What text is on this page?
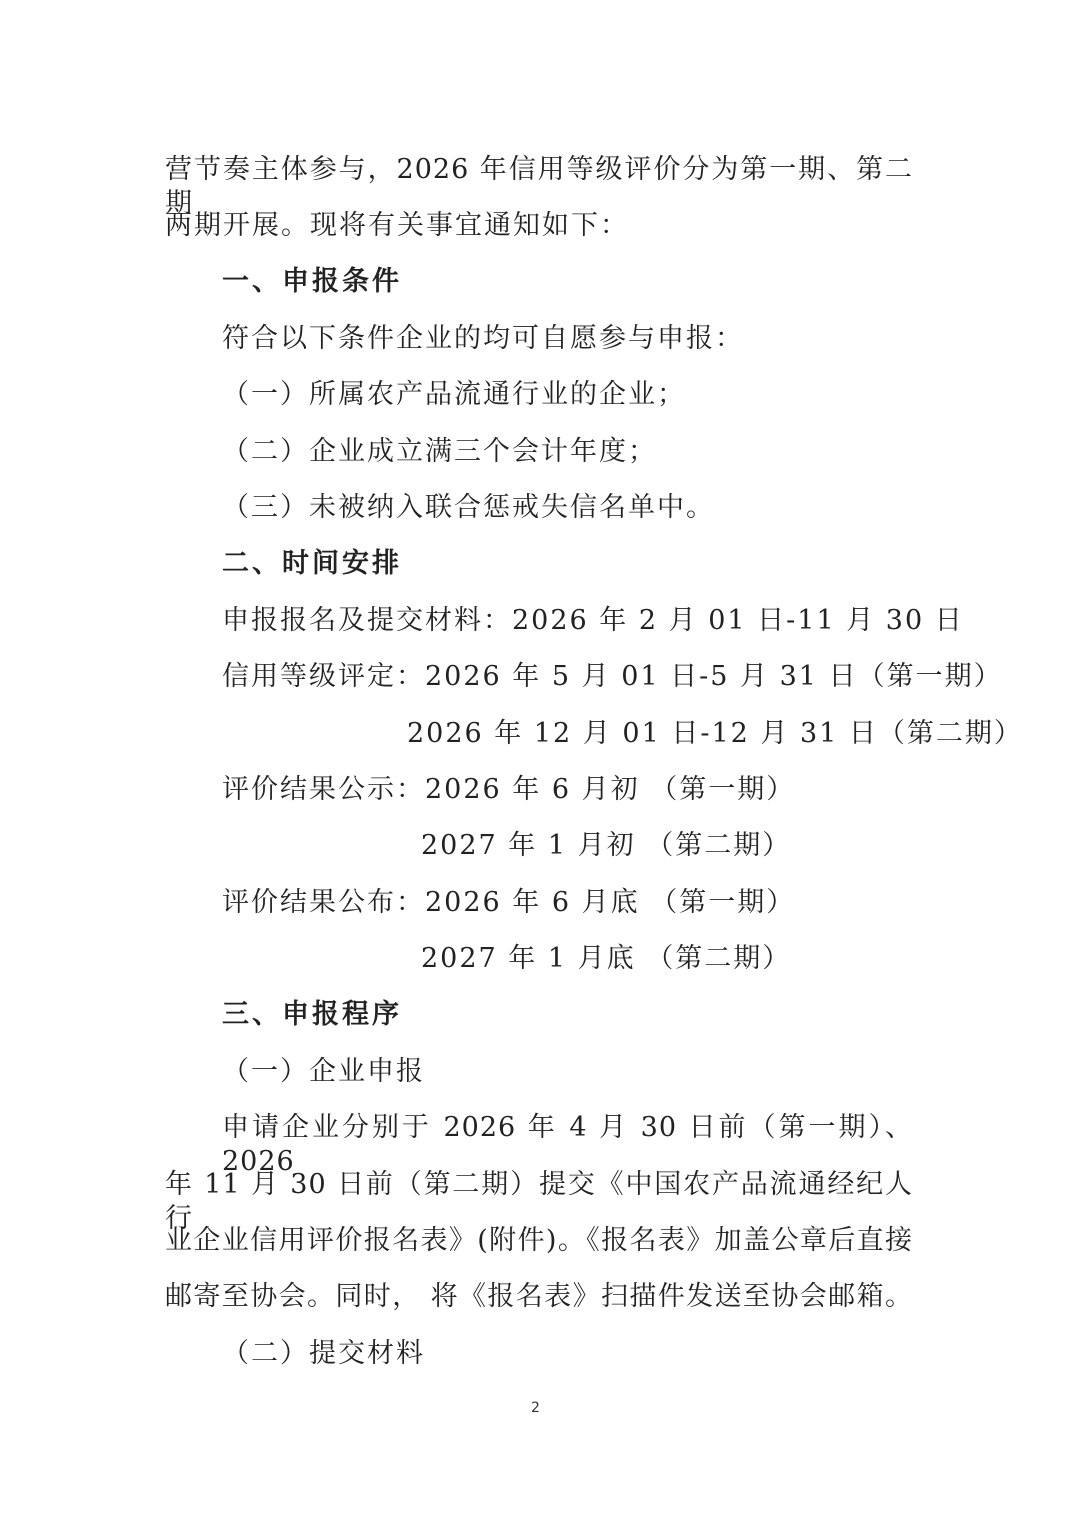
营节奏主体参与，2026 年信用等级评价分为第一期、第二期
两期开展。现将有关事宜通知如下：
一、申报条件
符合以下条件企业的均可自愿参与申报：
（一）所属农产品流通行业的企业；
（二）企业成立满三个会计年度；
（三）未被纳入联合惩戒失信名单中。
二、时间安排
申报报名及提交材料：2026 年 2 月 01 日-11 月 30 日
信用等级评定：2026 年 5 月 01 日-5 月 31 日（第一期）
2026 年 12 月 01 日-12 月 31 日（第二期）
评价结果公示：2026 年 6 月初 （第一期）
2027 年 1 月初 （第二期）
评价结果公布：2026 年 6 月底 （第一期）
2027 年 1 月底 （第二期）
三、申报程序
（一）企业申报
申请企业分别于 2026 年 4 月 30 日前（第一期）、2026
年 11 月 30 日前（第二期）提交《中国农产品流通经纪人行
业企业信用评价报名表》(附件)。《报名表》加盖公章后直接
邮寄至协会。同时， 将《报名表》扫描件发送至协会邮箱。
（二）提交材料
2
